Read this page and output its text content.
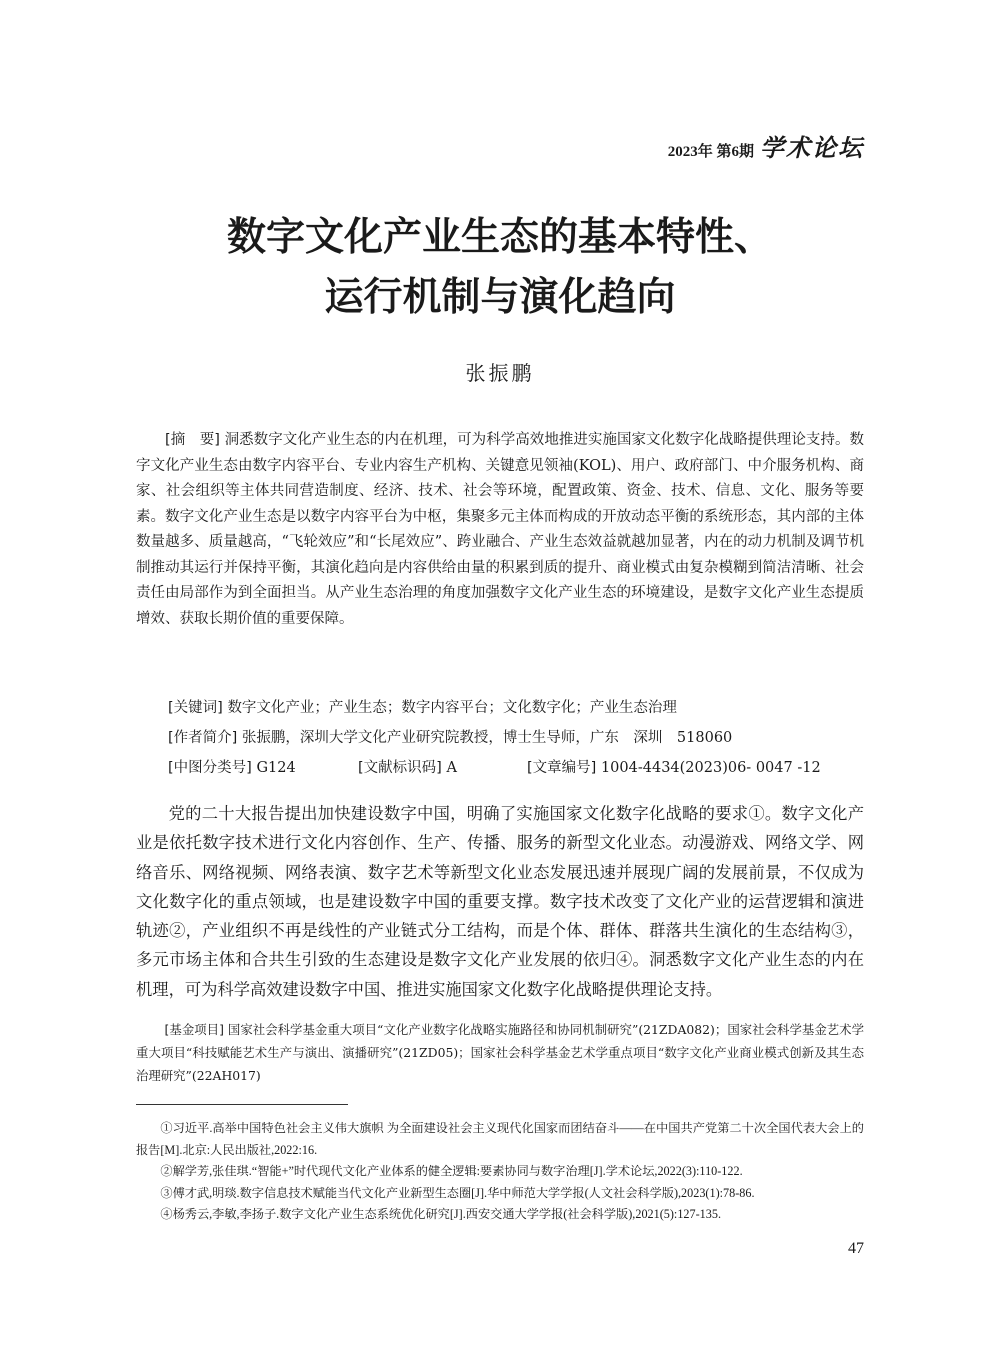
2023年 第6期 学术论坛
数字文化产业生态的基本特性、
运行机制与演化趋向
张振鹏
[摘　要] 洞悉数字文化产业生态的内在机理，可为科学高效地推进实施国家文化数字化战略提供理论支持。数字文化产业生态由数字内容平台、专业内容生产机构、关键意见领袖(KOL)、用户、政府部门、中介服务机构、商家、社会组织等主体共同营造制度、经济、技术、社会等环境，配置政策、资金、技术、信息、文化、服务等要素。数字文化产业生态是以数字内容平台为中枢，集聚多元主体而构成的开放动态平衡的系统形态，其内部的主体数量越多、质量越高，“飞轮效应”和“长尾效应”、跨业融合、产业生态效益就越加显著，内在的动力机制及调节机制推动其运行并保持平衡，其演化趋向是内容供给由量的积累到质的提升、商业模式由复杂模糊到简洁清晰、社会责任由局部作为到全面担当。从产业生态治理的角度加强数字文化产业生态的环境建设，是数字文化产业生态提质增效、获取长期价值的重要保障。
[关键词] 数字文化产业；产业生态；数字内容平台；文化数字化；产业生态治理
[作者简介] 张振鹏，深圳大学文化产业研究院教授，博士生导师，广东　深圳　518060
[中图分类号] G124	[文献标识码] A	[文章编号] 1004-4434(2023)06- 0047 -12
党的二十大报告提出加快建设数字中国，明确了实施国家文化数字化战略的要求①。数字文化产业是依托数字技术进行文化内容创作、生产、传播、服务的新型文化业态。动漫游戏、网络文学、网络音乐、网络视频、网络表演、数字艺术等新型文化业态发展迅速并展现广阔的发展前景，不仅成为文化数字化的重点领域，也是建设数字中国的重要支撑。数字技术改变了文化产业的运营逻辑和演进轨迹②，产业组织不再是线性的产业链式分工结构，而是个体、群体、群落共生演化的生态结构③，多元市场主体和合共生引致的生态建设是数字文化产业发展的依归④。洞悉数字文化产业生态的内在机理，可为科学高效建设数字中国、推进实施国家文化数字化战略提供理论支持。
[基金项目] 国家社会科学基金重大项目“文化产业数字化战略实施路径和协同机制研究”(21ZDA082)；国家社会科学基金艺术学重大项目“科技赋能艺术生产与演出、演播研究”(21ZD05)；国家社会科学基金艺术学重点项目“数字文化产业商业模式创新及其生态治理研究”(22AH017)
①习近平.高举中国特色社会主义伟大旗帜 为全面建设社会主义现代化国家而团结奋斗——在中国共产党第二十次全国代表大会上的报告[M].北京:人民出版社,2022:16.
②解学芳,张佳琪.“智能+”时代现代文化产业体系的健全逻辑:要素协同与数字治理[J].学术论坛,2022(3):110-122.
③傅才武,明琰.数字信息技术赋能当代文化产业新型生态圈[J].华中师范大学学报(人文社会科学版),2023(1):78-86.
④杨秀云,李敏,李扬子.数字文化产业生态系统优化研究[J].西安交通大学学报(社会科学版),2021(5):127-135.
47
